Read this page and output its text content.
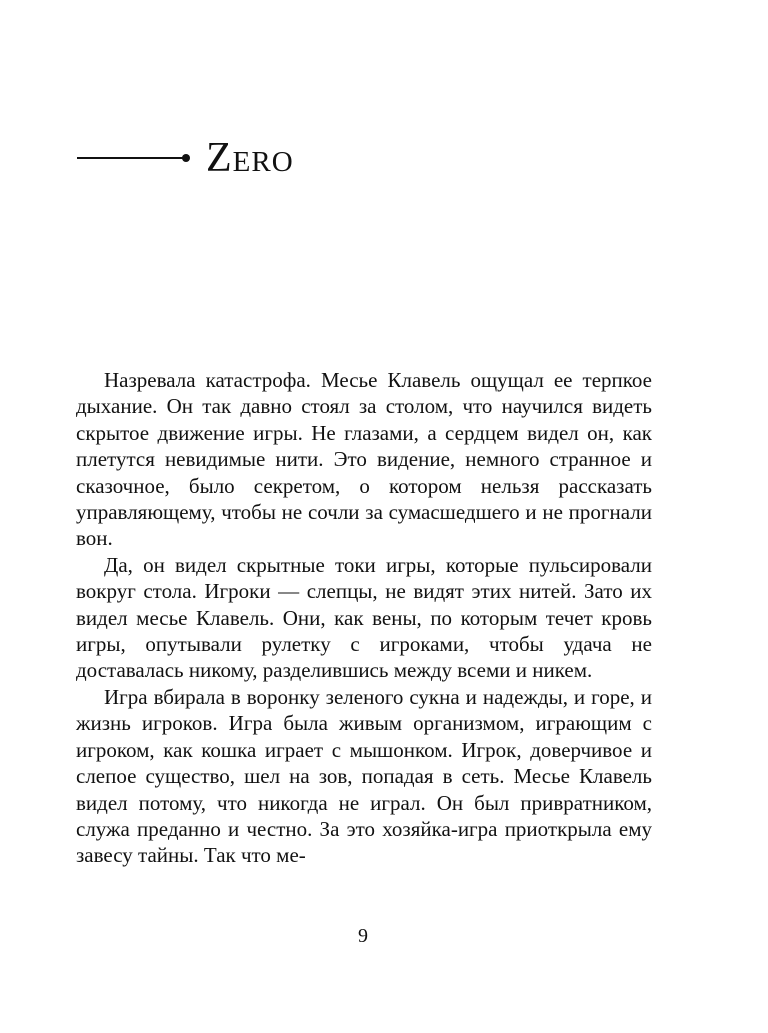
Zero

Назревала катастрофа. Месье Клавель ощущал ее терпкое дыхание. Он так давно стоял за столом, что научился видеть скрытое движение игры. Не глазами, а сердцем видел он, как плетутся невидимые нити. Это видение, немного странное и сказочное, было секретом, о котором нельзя рассказать управляющему, чтобы не сочли за сумасшедшего и не прогнали вон.

Да, он видел скрытные токи игры, которые пульсировали вокруг стола. Игроки — слепцы, не видят этих нитей. Зато их видел месье Клавель. Они, как вены, по которым течет кровь игры, опутывали рулетку с игроками, чтобы удача не доставалась никому, разделившись между всеми и никем.

Игра вбирала в воронку зеленого сукна и надежды, и горе, и жизнь игроков. Игра была живым организмом, играющим с игроком, как кошка играет с мышонком. Игрок, доверчивое и слепое существо, шел на зов, попадая в сеть. Месье Клавель видел потому, что никогда не играл. Он был привратником, служа преданно и честно. За это хозяйка-игра приоткрыла ему завесу тайны. Так что ме-

9
